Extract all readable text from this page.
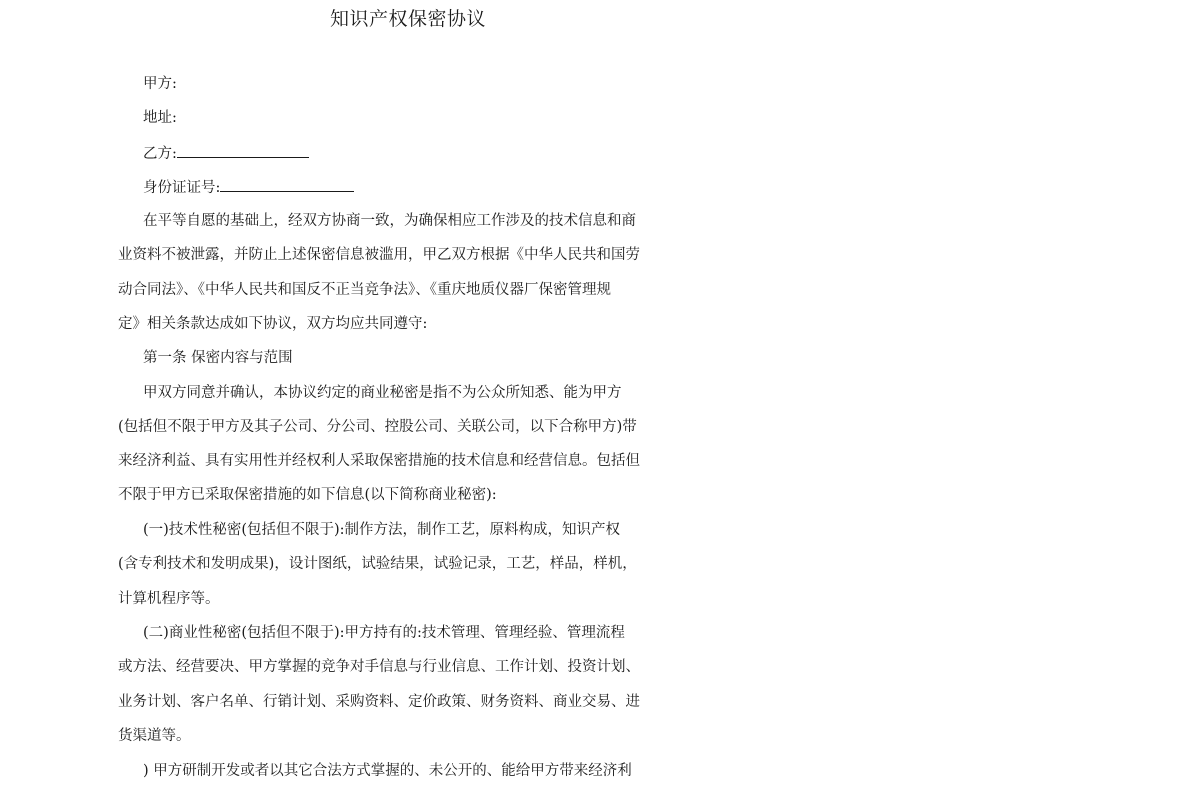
知识产权保密协议
甲方:
地址:
乙方:
身份证证号:
在平等自愿的基础上，经双方协商一致，为确保相应工作涉及的技术信息和商
业资料不被泄露，并防止上述保密信息被滥用，甲乙双方根据《中华人民共和国劳
动合同法》、《中华人民共和国反不正当竞争法》、《重庆地质仪器厂保密管理规
定》相关条款达成如下协议，双方均应共同遵守:
第一条 保密内容与范围
甲双方同意并确认，本协议约定的商业秘密是指不为公众所知悉、能为甲方
(包括但不限于甲方及其子公司、分公司、控股公司、关联公司，以下合称甲方)带
来经济利益、具有实用性并经权利人采取保密措施的技术信息和经营信息。包括但
不限于甲方已采取保密措施的如下信息(以下简称商业秘密):
(一)技术性秘密(包括但不限于):制作方法，制作工艺，原料构成，知识产权
(含专利技术和发明成果)，设计图纸，试验结果，试验记录，工艺，样品，样机，
计算机程序等。
(二)商业性秘密(包括但不限于):甲方持有的:技术管理、管理经验、管理流程
或方法、经营要决、甲方掌握的竞争对手信息与行业信息、工作计划、投资计划、
业务计划、客户名单、行销计划、采购资料、定价政策、财务资料、商业交易、进
货渠道等。
) 甲方研制开发或者以其它合法方式掌握的、未公开的、能给甲方带来经济利
